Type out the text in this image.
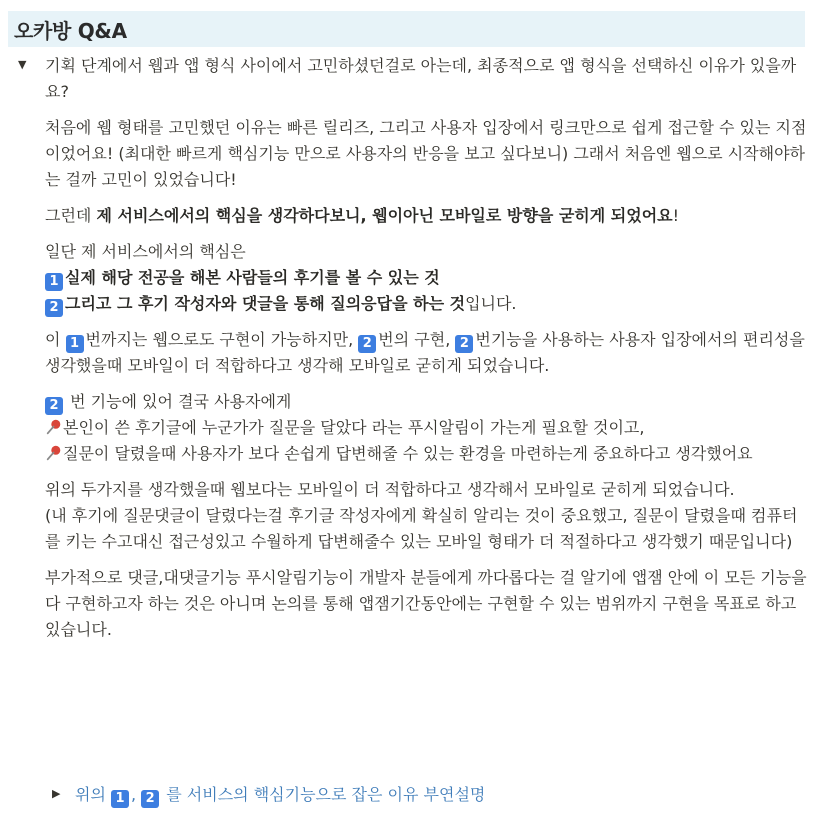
오카방 Q&A
▼ 기획 단계에서 웹과 앱 형식 사이에서 고민하셨던걸로 아는데, 최종적으로 앱 형식을 선택하신 이유가 있을까요?
처음에 웹 형태를 고민했던 이유는 빠른 릴리즈, 그리고 사용자 입장에서 링크만으로 쉽게 접근할 수 있는 지점이었어요! (최대한 빠르게 핵심기능 만으로 사용자의 반응을 보고 싶다보니) 그래서 처음엔 웹으로 시작해야하는 걸까 고민이 있었습니다!
그런데 제 서비스에서의 핵심을 생각하다보니, 웹이아닌 모바일로 방향을 굳히게 되었어요!
일단 제 서비스에서의 핵심은
1 실제 해당 전공을 해본 사람들의 후기를 볼 수 있는 것
2 그리고 그 후기 작성자와 댓글을 통해 질의응답을 하는 것입니다.
이 1 번까지는 웹으로도 구현이 가능하지만, 2 번의 구현, 2 번기능을 사용하는 사용자 입장에서의 편리성을 생각했을때 모바일이 더 적합하다고 생각해 모바일로 굳히게 되었습니다.
2 번 기능에 있어 결국 사용자에게
본인이 쓴 후기글에 누군가가 질문을 달았다 라는 푸시알림이 가는게 필요할 것이고,
질문이 달렸을때 사용자가 보다 손쉽게 답변해줄 수 있는 환경을 마련하는게 중요하다고 생각했어요
위의 두가지를 생각했을때 웹보다는 모바일이 더 적합하다고 생각해서 모바일로 굳히게 되었습니다.
(내 후기에 질문댓글이 달렸다는걸 후기글 작성자에게 확실히 알리는 것이 중요했고, 질문이 달렸을때 컴퓨터를 키는 수고대신 접근성있고 수월하게 답변해줄수 있는 모바일 형태가 더 적절하다고 생각했기 때문입니다)
부가적으로 댓글,대댓글기능 푸시알림기능이 개발자 분들에게 까다롭다는 걸 알기에 앱잼 안에 이 모든 기능을 다 구현하고자 하는 것은 아니며 논의를 통해 앱잼기간동안에는 구현할 수 있는 범위까지 구현을 목표로 하고 있습니다.
▶ 위의 1 , 2 를 서비스의 핵심기능으로 잡은 이유 부연설명
